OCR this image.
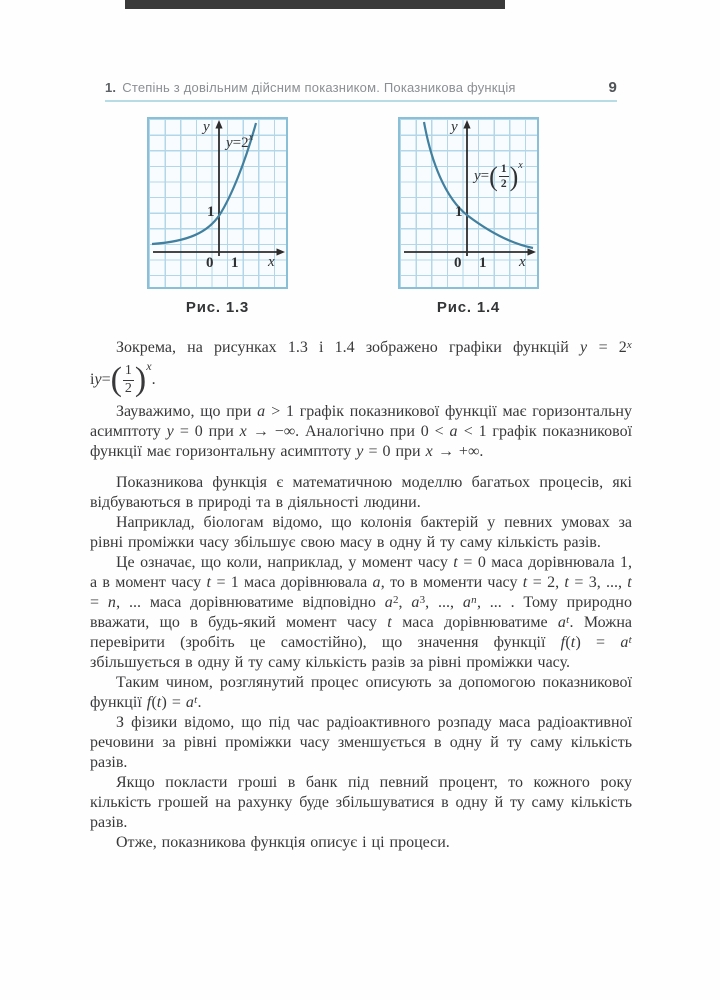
1. Степінь з довільним дійсним показником. Показникова функція	9
y
y = 2 x
1
0 1 x
Рис. 1.3
y
y = ( $\frac{1}{2}$ ) x
1
0 1 x
Рис. 1.4

Зокрема, на рисунках 1.3 і 1.4 зображено графіки функцій $y = 2^x$

і y = ( $\frac{1}{2}$ ) x
.

Зауважимо, що при a > 1 графік показникової функції має горизонтальну асимптоту y = 0 при x → −∞. Аналогічно при 0 < a < 1 графік показникової функції має горизонтальну асимптоту y = 0 при x → +∞.

Показникова функція є математичною моделлю багатьох процесів, які відбуваються в природі та в діяльності людини.

Наприклад, біологам відомо, що колонія бактерій у певних умовах за рівні проміжки часу збільшує свою масу в одну й ту саму кількість разів.

Це означає, що коли, наприклад, у момент часу t = 0 маса дорівнювала 1, а в момент часу t = 1 маса дорівнювала a, то в моменти часу t = 2, t = 3, ..., t = n, ... маса дорівнюватиме відповідно $a^2$, $a^3$, ..., $a^n$, ... . Тому природно вважати, що в будь-який момент часу t маса дорівнюватиме $a^t$. Можна перевірити (зробіть це самостійно), що значення функції $f(t) = a^t$ збільшується в одну й ту саму кількість разів за рівні проміжки часу.

Таким чином, розглянутий процес описують за допомогою показникової функції $f(t) = a^t$.

З фізики відомо, що під час радіоактивного розпаду маса радіоактивної речовини за рівні проміжки часу зменшується в одну й ту саму кількість разів.

Якщо покласти гроші в банк під певний процент, то кожного року кількість грошей на рахунку буде збільшуватися в одну й ту саму кількість разів.

Отже, показникова функція описує і ці процеси.
